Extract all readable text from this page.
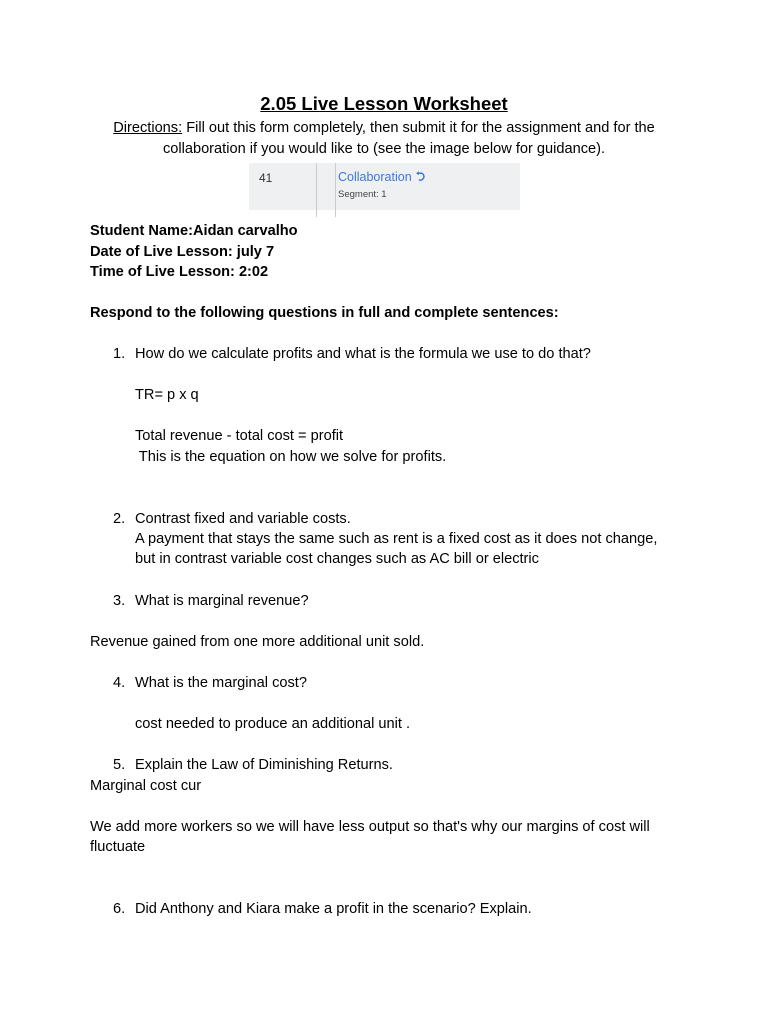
2.05 Live Lesson Worksheet
Directions: Fill out this form completely, then submit it for the assignment and for the collaboration if you would like to (see the image below for guidance).
41	Collaboration
Segment: 1
Student Name:Aidan carvalho
Date of Live Lesson: july 7
Time of Live Lesson: 2:02
Respond to the following questions in full and complete sentences:
1. How do we calculate profits and what is the formula we use to do that?
TR= p x q
Total revenue - total cost = profit
This is the equation on how we solve for profits.
2. Contrast fixed and variable costs.
A payment that stays the same such as rent is a fixed cost as it does not change,
but in contrast variable cost changes such as AC bill or electric
3. What is marginal revenue?
Revenue gained from one more additional unit sold.
4. What is the marginal cost?
cost needed to produce an additional unit .
5. Explain the Law of Diminishing Returns.
Marginal cost cur
We add more workers so we will have less output so that's why our margins of cost will
fluctuate
6. Did Anthony and Kiara make a profit in the scenario? Explain.
